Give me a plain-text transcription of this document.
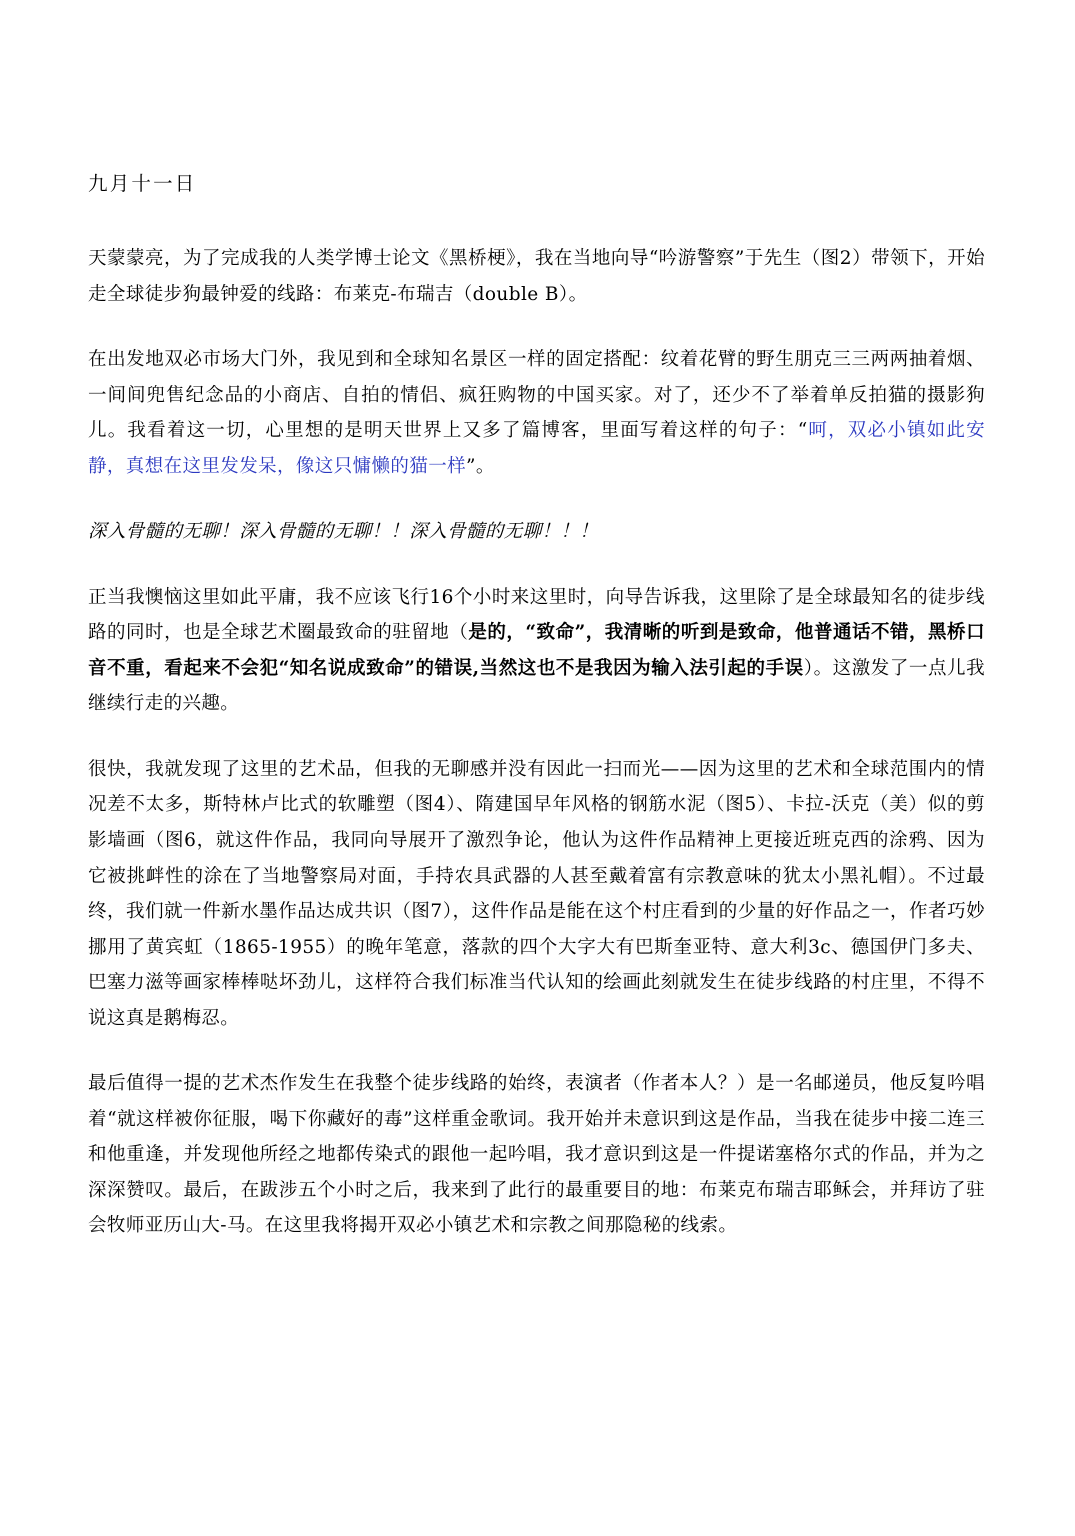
九月十一日

天蒙蒙亮，为了完成我的人类学博士论文《黑桥梗》，我在当地向导“吟游警察”于先生（图2）带领下，开始走全球徒步狗最钟爱的线路：布莱克-布瑞吉（double B）。

在出发地双必市场大门外，我见到和全球知名景区一样的固定搭配：纹着花臂的野生朋克三三两两抽着烟、一间间兜售纪念品的小商店、自拍的情侣、疯狂购物的中国买家。对了，还少不了举着单反拍猫的摄影狗儿。我看着这一切，心里想的是明天世界上又多了篇博客，里面写着这样的句子：“呵，双必小镇如此安静，真想在这里发发呆，像这只慵懒的猫一样”。

深入骨髓的无聊！深入骨髓的无聊！！深入骨髓的无聊！！！

正当我懊恼这里如此平庸，我不应该飞行16个小时来这里时，向导告诉我，这里除了是全球最知名的徒步线路的同时，也是全球艺术圈最致命的驻留地（是的，“致命”，我清晰的听到是致命，他普通话不错，黑桥口音不重，看起来不会犯“知名说成致命”的错误,当然这也不是我因为输入法引起的手误）。这激发了一点儿我继续行走的兴趣。

很快，我就发现了这里的艺术品，但我的无聊感并没有因此一扫而光——因为这里的艺术和全球范围内的情况差不太多，斯特林卢比式的软雕塑（图4）、隋建国早年风格的钢筋水泥（图5）、卡拉-沃克（美）似的剪影墙画（图6，就这件作品，我同向导展开了激烈争论，他认为这件作品精神上更接近班克西的涂鸦、因为它被挑衅性的涂在了当地警察局对面，手持农具武器的人甚至戴着富有宗教意味的犹太小黑礼帽）。不过最终，我们就一件新水墨作品达成共识（图7），这件作品是能在这个村庄看到的少量的好作品之一，作者巧妙挪用了黄宾虹（1865-1955）的晚年笔意，落款的四个大字大有巴斯奎亚特、意大利3c、德国伊门多夫、巴塞力滋等画家棒棒哒坏劲儿，这样符合我们标准当代认知的绘画此刻就发生在徒步线路的村庄里，不得不说这真是鹅梅忍。

最后值得一提的艺术杰作发生在我整个徒步线路的始终，表演者（作者本人？）是一名邮递员，他反复吟唱着“就这样被你征服，喝下你藏好的毒”这样重金歌词。我开始并未意识到这是作品，当我在徒步中接二连三和他重逢，并发现他所经之地都传染式的跟他一起吟唱，我才意识到这是一件提诺塞格尔式的作品，并为之深深赞叹。最后，在跋涉五个小时之后，我来到了此行的最重要目的地：布莱克布瑞吉耶稣会，并拜访了驻会牧师亚历山大-马。在这里我将揭开双必小镇艺术和宗教之间那隐秘的线索。
